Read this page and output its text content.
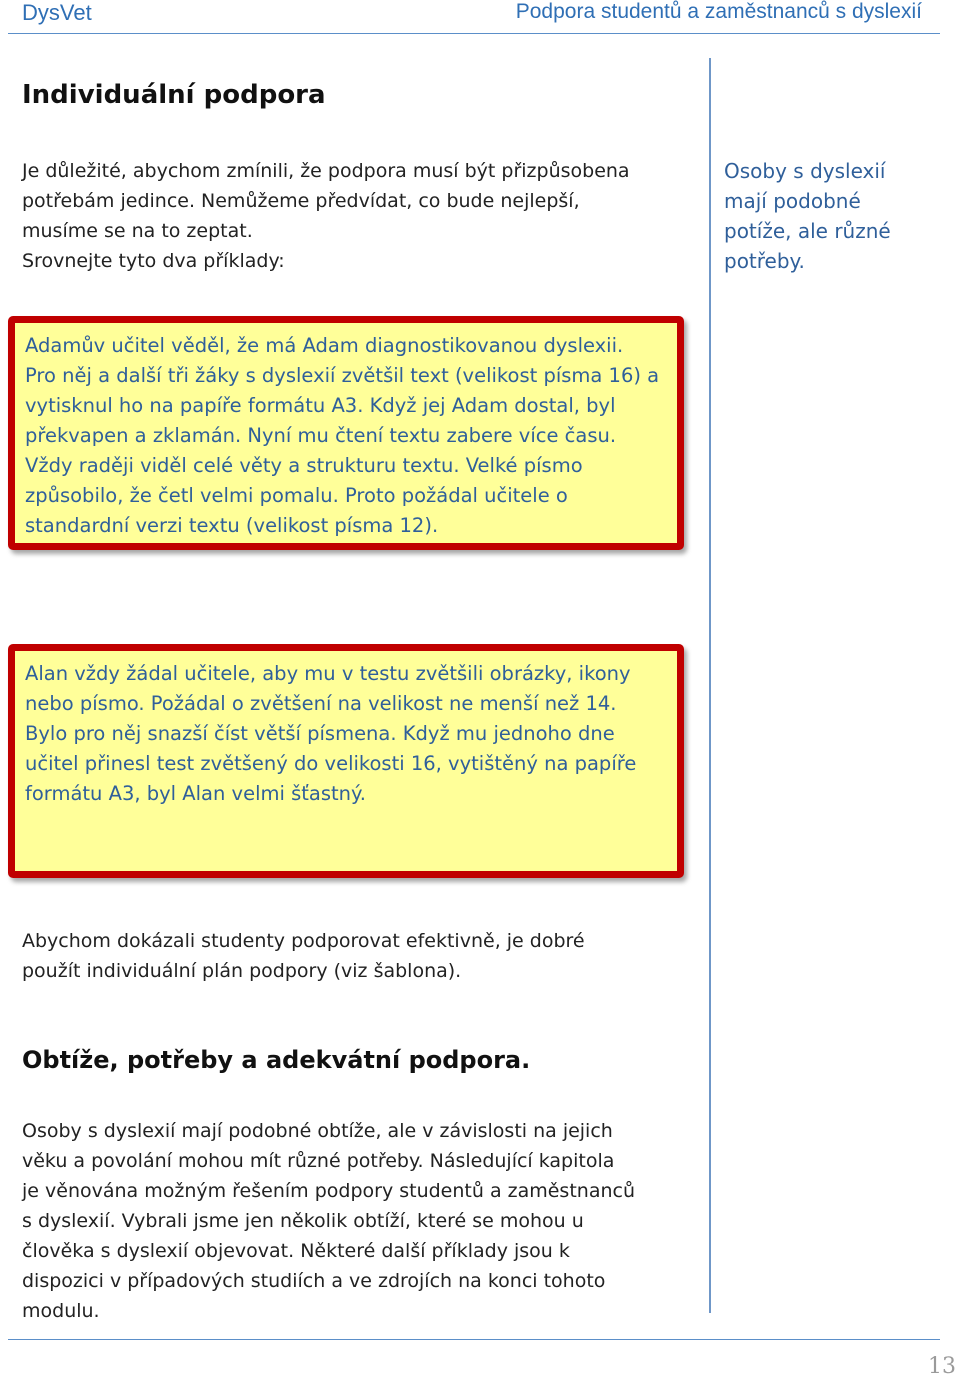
DysVet	Podpora studentů a zaměstnanců s dyslexií
Individuální podpora
Je důležité, abychom zmínili, že podpora musí být přizpůsobena
potřebám jedince. Nemůžeme předvídat, co bude nejlepší,
musíme se na to zeptat.
Srovnejte tyto dva příklady:
Osoby s dyslexií
mají podobné
potíže, ale různé
potřeby.
Adamův učitel věděl, že má Adam diagnostikovanou dyslexii.
Pro něj a další tři žáky s dyslexií zvětšil text (velikost písma 16) a
vytisknul ho na papíře formátu A3. Když jej Adam dostal, byl
překvapen a zklamán. Nyní mu čtení textu zabere více času.
Vždy raději viděl celé věty a strukturu textu. Velké písmo
způsobilo, že četl velmi pomalu. Proto požádal učitele o
standardní verzi textu (velikost písma 12).
Alan vždy žádal učitele, aby mu v testu zvětšili obrázky, ikony
nebo písmo. Požádal o zvětšení na velikost ne menší než 14.
Bylo pro něj snazší číst větší písmena. Když mu jednoho dne
učitel přinesl test zvětšený do velikosti 16, vytištěný na papíře
formátu A3, byl Alan velmi šťastný.
Abychom dokázali studenty podporovat efektivně, je dobré
použít individuální plán podpory (viz šablona).
Obtíže, potřeby a adekvátní podpora.
Osoby s dyslexií mají podobné obtíže, ale v závislosti na jejich
věku a povolání mohou mít různé potřeby. Následující kapitola
je věnována možným řešením podpory studentů a zaměstnanců
s dyslexií. Vybrali jsme jen několik obtíží, které se mohou u
člověka s dyslexií objevovat. Některé další příklady jsou k
dispozici v případových studiích a ve zdrojích na konci tohoto
modulu.
13
